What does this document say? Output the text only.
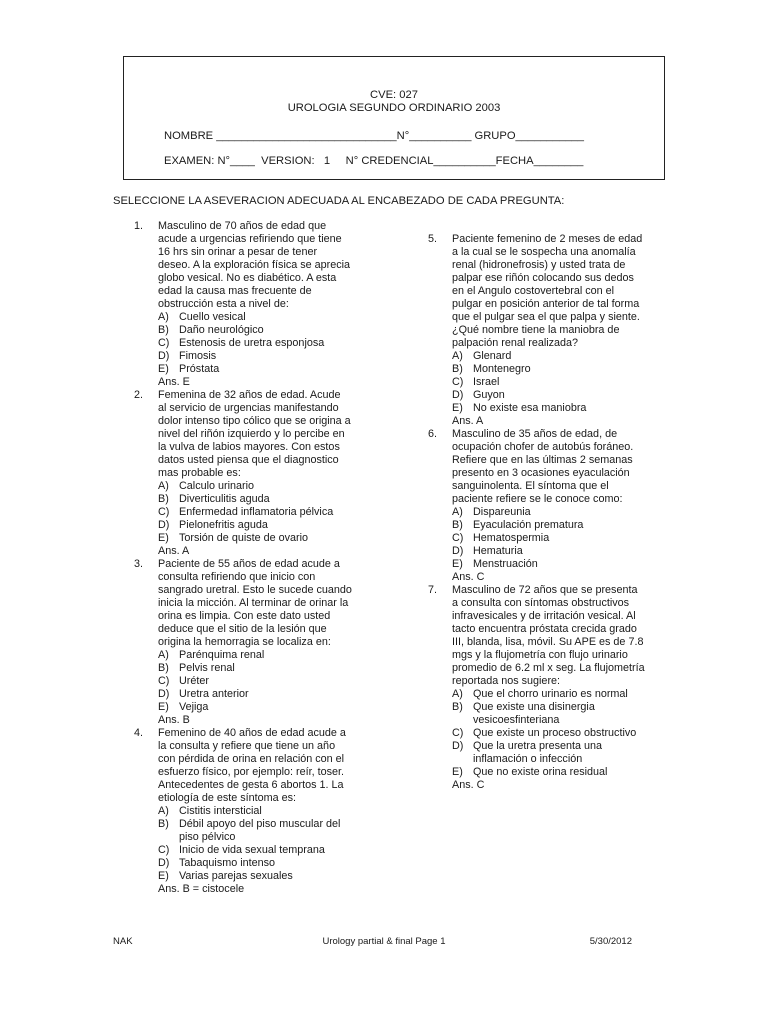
CVE: 027
UROLOGIA SEGUNDO ORDINARIO 2003
NOMBRE _____________________________N°__________ GRUPO___________
EXAMEN: N°____  VERSION:   1     N° CREDENCIAL__________FECHA________
SELECCIONE LA ASEVERACION ADECUADA AL ENCABEZADO DE CADA PREGUNTA:
1. Masculino de 70 años de edad que
acude a urgencias refiriendo que tiene
16 hrs sin orinar a pesar de tener
deseo. A la exploración física se aprecia
globo vesical. No es diabético. A esta
edad la causa mas frecuente de
obstrucción esta a nivel de:
A) Cuello vesical
B) Daño neurológico
C) Estenosis de uretra esponjosa
D) Fimosis
E) Próstata
Ans. E
2. Femenina de 32 años de edad. Acude
al servicio de urgencias manifestando
dolor intenso tipo cólico que se origina a
nivel del riñón izquierdo y lo percibe en
la vulva de labios mayores. Con estos
datos usted piensa que el diagnostico
mas probable es:
A) Calculo urinario
B) Diverticulitis aguda
C) Enfermedad inflamatoria pélvica
D) Pielonefritis aguda
E) Torsión de quiste de ovario
Ans. A
3. Paciente de 55 años de edad acude a
consulta refiriendo que inicio con
sangrado uretral. Esto le sucede cuando
inicia la micción. Al terminar de orinar la
orina es limpia. Con este dato usted
deduce que el sitio de la lesión que
origina la hemorragia se localiza en:
A) Parénquima renal
B) Pelvis renal
C) Uréter
D) Uretra anterior
E) Vejiga
Ans. B
4. Femenino de 40 años de edad acude a
la consulta y refiere que tiene un año
con pérdida de orina en relación con el
esfuerzo físico, por ejemplo: reír, toser.
Antecedentes de gesta 6 abortos 1. La
etiología de este síntoma es:
A) Cistitis intersticial
B) Débil apoyo del piso muscular del
piso pélvico
C) Inicio de vida sexual temprana
D) Tabaquismo intenso
E) Varias parejas sexuales
Ans. B = cistocele
5. Paciente femenino de 2 meses de edad
a la cual se le sospecha una anomalía
renal (hidronefrosis) y usted trata de
palpar ese riñón colocando sus dedos
en el Angulo costovertebral con el
pulgar en posición anterior de tal forma
que el pulgar sea el que palpa y siente.
¿Qué nombre tiene la maniobra de
palpación renal realizada?
A) Glenard
B) Montenegro
C) Israel
D) Guyon
E) No existe esa maniobra
Ans. A
6. Masculino de 35 años de edad, de
ocupación chofer de autobús foráneo.
Refiere que en las últimas 2 semanas
presento en 3 ocasiones eyaculación
sanguinolenta. El síntoma que el
paciente refiere se le conoce como:
A) Dispareunia
B) Eyaculación prematura
C) Hematospermia
D) Hematuria
E) Menstruación
Ans. C
7. Masculino de 72 años que se presenta
a consulta con síntomas obstructivos
infravesicales y de irritación vesical. Al
tacto encuentra próstata crecida grado
III, blanda, lisa, móvil. Su APE es de 7.8
mgs y la flujometría con flujo urinario
promedio de 6.2 ml x seg. La flujometría
reportada nos sugiere:
A) Que el chorro urinario es normal
B) Que existe una disinergia
vesicoesfinteriana
C) Que existe un proceso obstructivo
D) Que la uretra presenta una
inflamación o infección
E) Que no existe orina residual
Ans. C
NAK	Urology partial & final Page 1	5/30/2012
